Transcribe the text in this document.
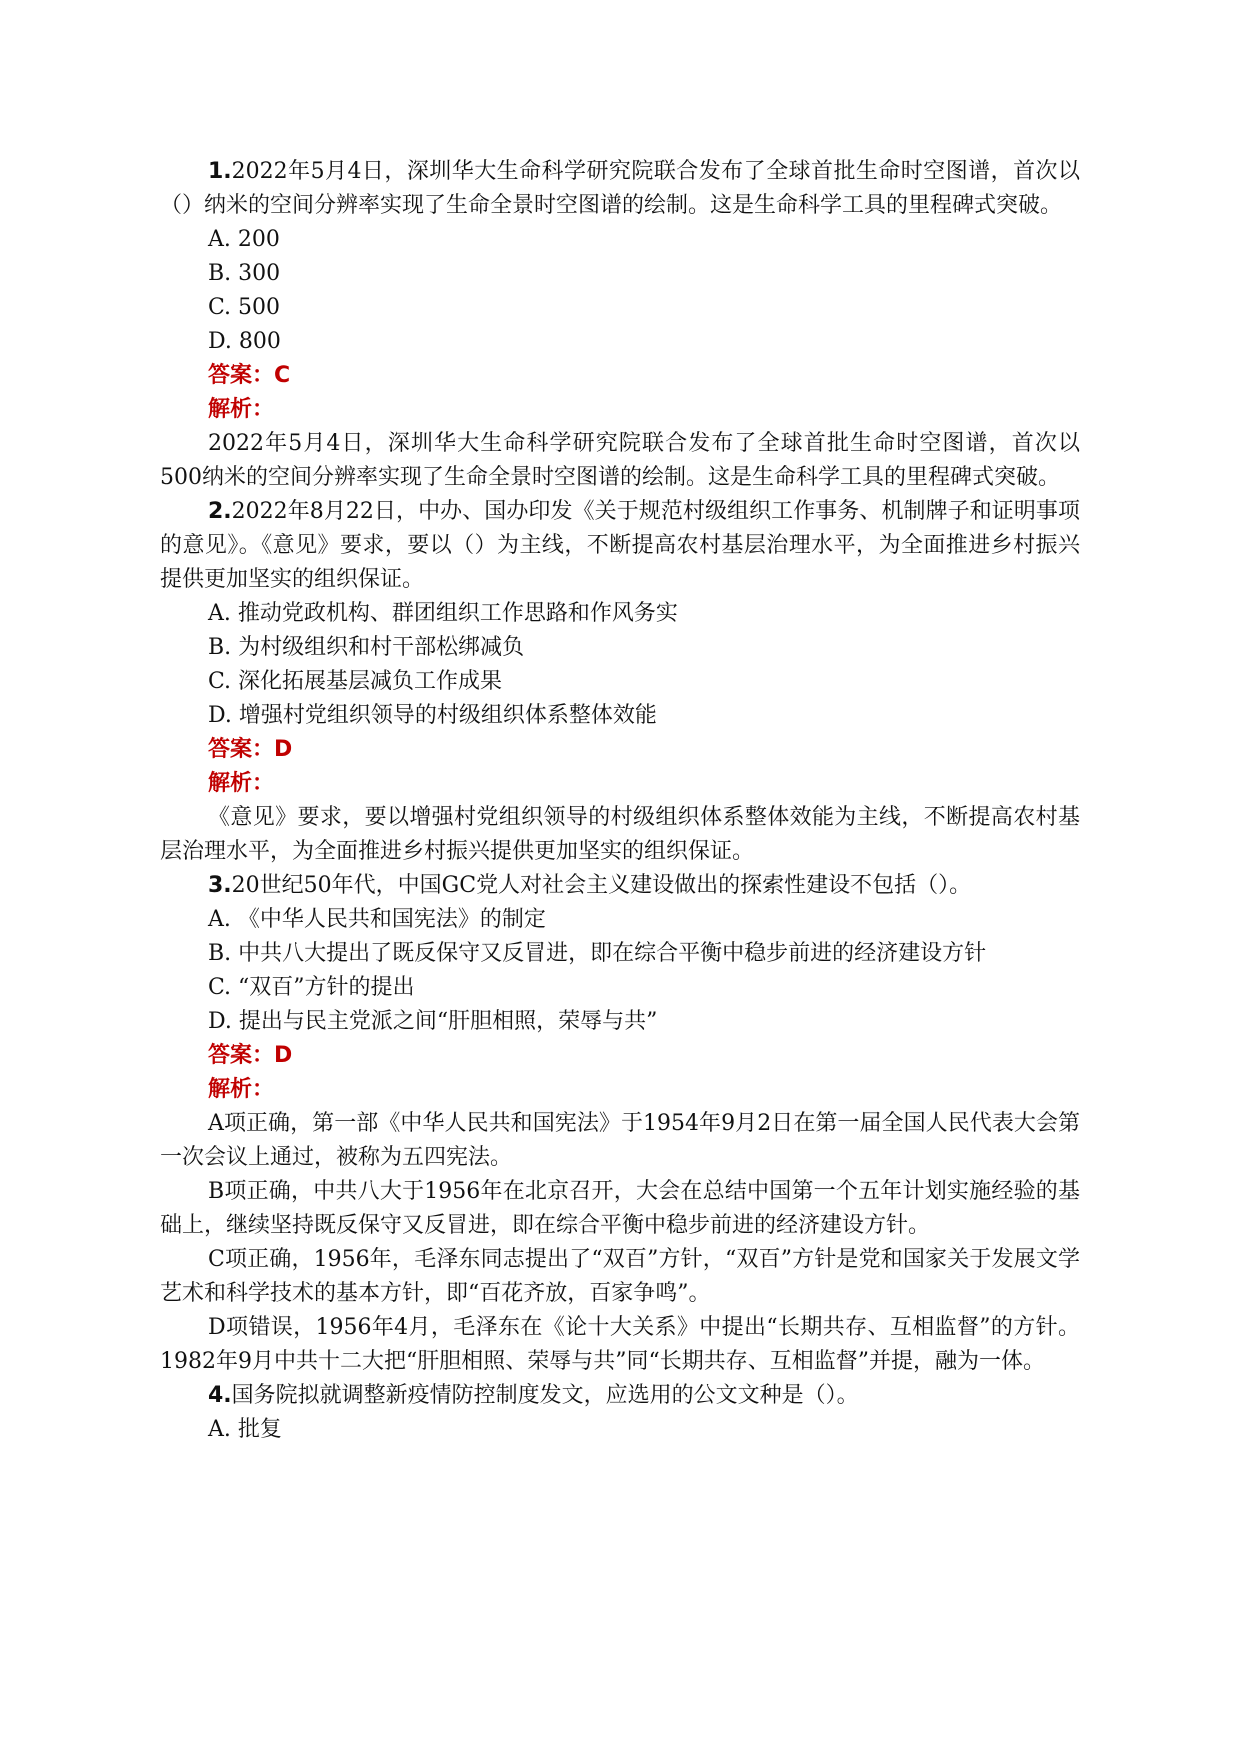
1.2022年5月4日，深圳华大生命科学研究院联合发布了全球首批生命时空图谱，首次以（）纳米的空间分辨率实现了生命全景时空图谱的绘制。这是生命科学工具的里程碑式突破。

A. 200

B. 300

C. 500

D. 800

答案：C

解析：

2022年5月4日，深圳华大生命科学研究院联合发布了全球首批生命时空图谱，首次以500纳米的空间分辨率实现了生命全景时空图谱的绘制。这是生命科学工具的里程碑式突破。

2.2022年8月22日，中办、国办印发《关于规范村级组织工作事务、机制牌子和证明事项的意见》。《意见》要求，要以（）为主线，不断提高农村基层治理水平，为全面推进乡村振兴提供更加坚实的组织保证。

A. 推动党政机构、群团组织工作思路和作风务实

B. 为村级组织和村干部松绑减负

C. 深化拓展基层减负工作成果

D. 增强村党组织领导的村级组织体系整体效能

答案：D

解析：

《意见》要求，要以增强村党组织领导的村级组织体系整体效能为主线，不断提高农村基层治理水平，为全面推进乡村振兴提供更加坚实的组织保证。

3.20世纪50年代，中国GC党人对社会主义建设做出的探索性建设不包括（）。

A. 《中华人民共和国宪法》的制定

B. 中共八大提出了既反保守又反冒进，即在综合平衡中稳步前进的经济建设方针

C. “双百”方针的提出

D. 提出与民主党派之间“肝胆相照，荣辱与共”

答案：D

解析：

A项正确，第一部《中华人民共和国宪法》于1954年9月2日在第一届全国人民代表大会第一次会议上通过，被称为五四宪法。

B项正确，中共八大于1956年在北京召开，大会在总结中国第一个五年计划实施经验的基础上，继续坚持既反保守又反冒进，即在综合平衡中稳步前进的经济建设方针。

C项正确，1956年，毛泽东同志提出了“双百”方针，“双百”方针是党和国家关于发展文学艺术和科学技术的基本方针，即“百花齐放，百家争鸣”。

D项错误，1956年4月，毛泽东在《论十大关系》中提出“长期共存、互相监督”的方针。1982年9月中共十二大把“肝胆相照、荣辱与共”同“长期共存、互相监督”并提，融为一体。

4.国务院拟就调整新疫情防控制度发文，应选用的公文文种是（）。

A. 批复
